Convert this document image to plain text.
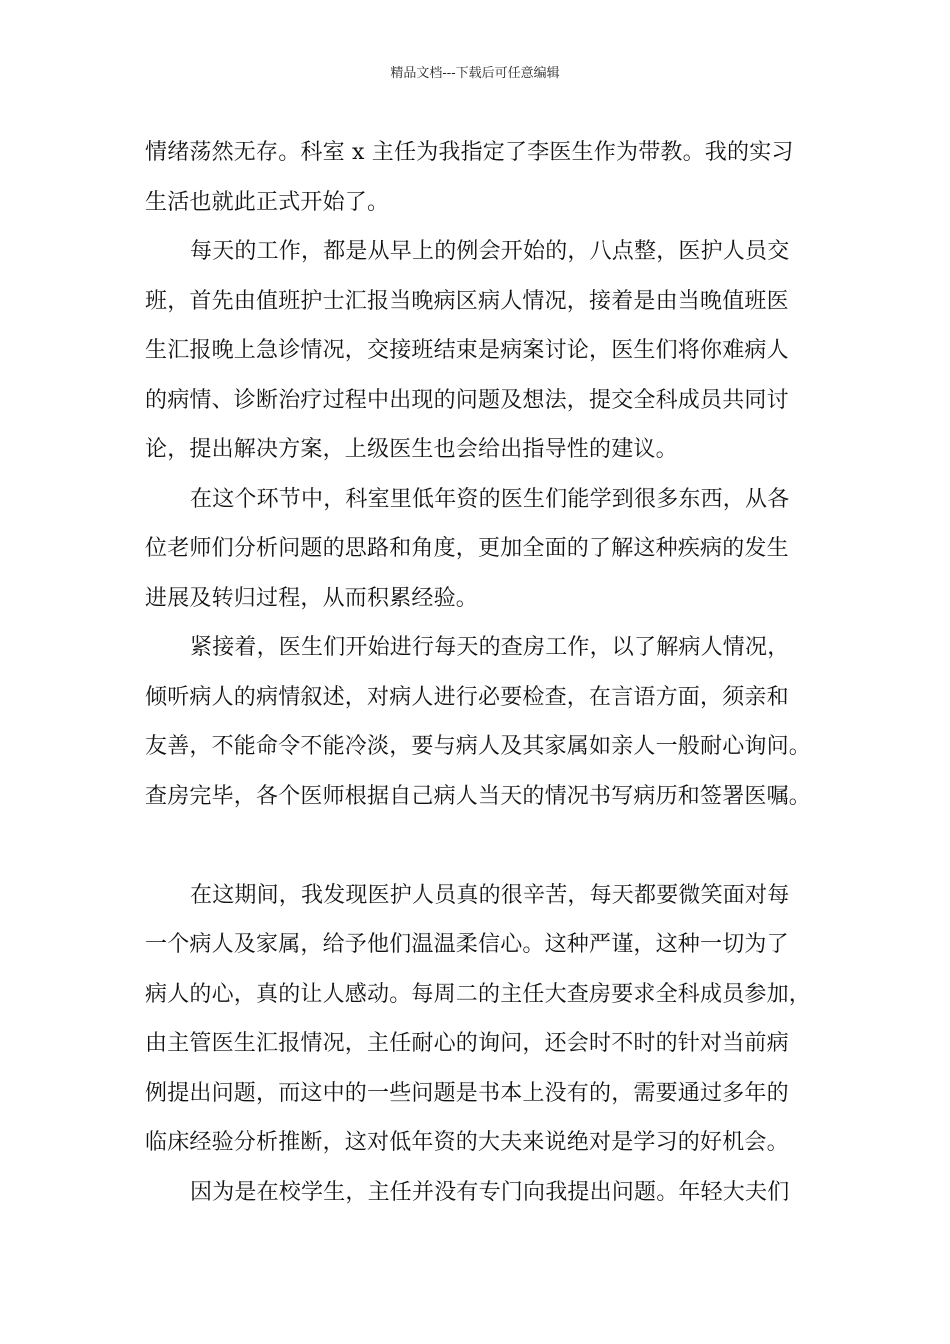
精品文档---下载后可任意编辑
情绪荡然无存。科室 x 主任为我指定了李医生作为带教。我的实习
生活也就此正式开始了。
每天的工作，都是从早上的例会开始的，八点整，医护人员交
班，首先由值班护士汇报当晚病区病人情况，接着是由当晚值班医
生汇报晚上急诊情况，交接班结束是病案讨论，医生们将你难病人
的病情、诊断治疗过程中出现的问题及想法，提交全科成员共同讨
论，提出解决方案，上级医生也会给出指导性的建议。
在这个环节中，科室里低年资的医生们能学到很多东西，从各
位老师们分析问题的思路和角度，更加全面的了解这种疾病的发生
进展及转归过程，从而积累经验。
紧接着，医生们开始进行每天的查房工作，以了解病人情况，
倾听病人的病情叙述，对病人进行必要检查，在言语方面，须亲和
友善，不能命令不能冷淡，要与病人及其家属如亲人一般耐心询问。
查房完毕，各个医师根据自己病人当天的情况书写病历和签署医嘱。
在这期间，我发现医护人员真的很辛苦，每天都要微笑面对每
一个病人及家属，给予他们温温柔信心。这种严谨，这种一切为了
病人的心，真的让人感动。每周二的主任大查房要求全科成员参加，
由主管医生汇报情况，主任耐心的询问，还会时不时的针对当前病
例提出问题，而这中的一些问题是书本上没有的，需要通过多年的
临床经验分析推断，这对低年资的大夫来说绝对是学习的好机会。
因为是在校学生，主任并没有专门向我提出问题。年轻大夫们
